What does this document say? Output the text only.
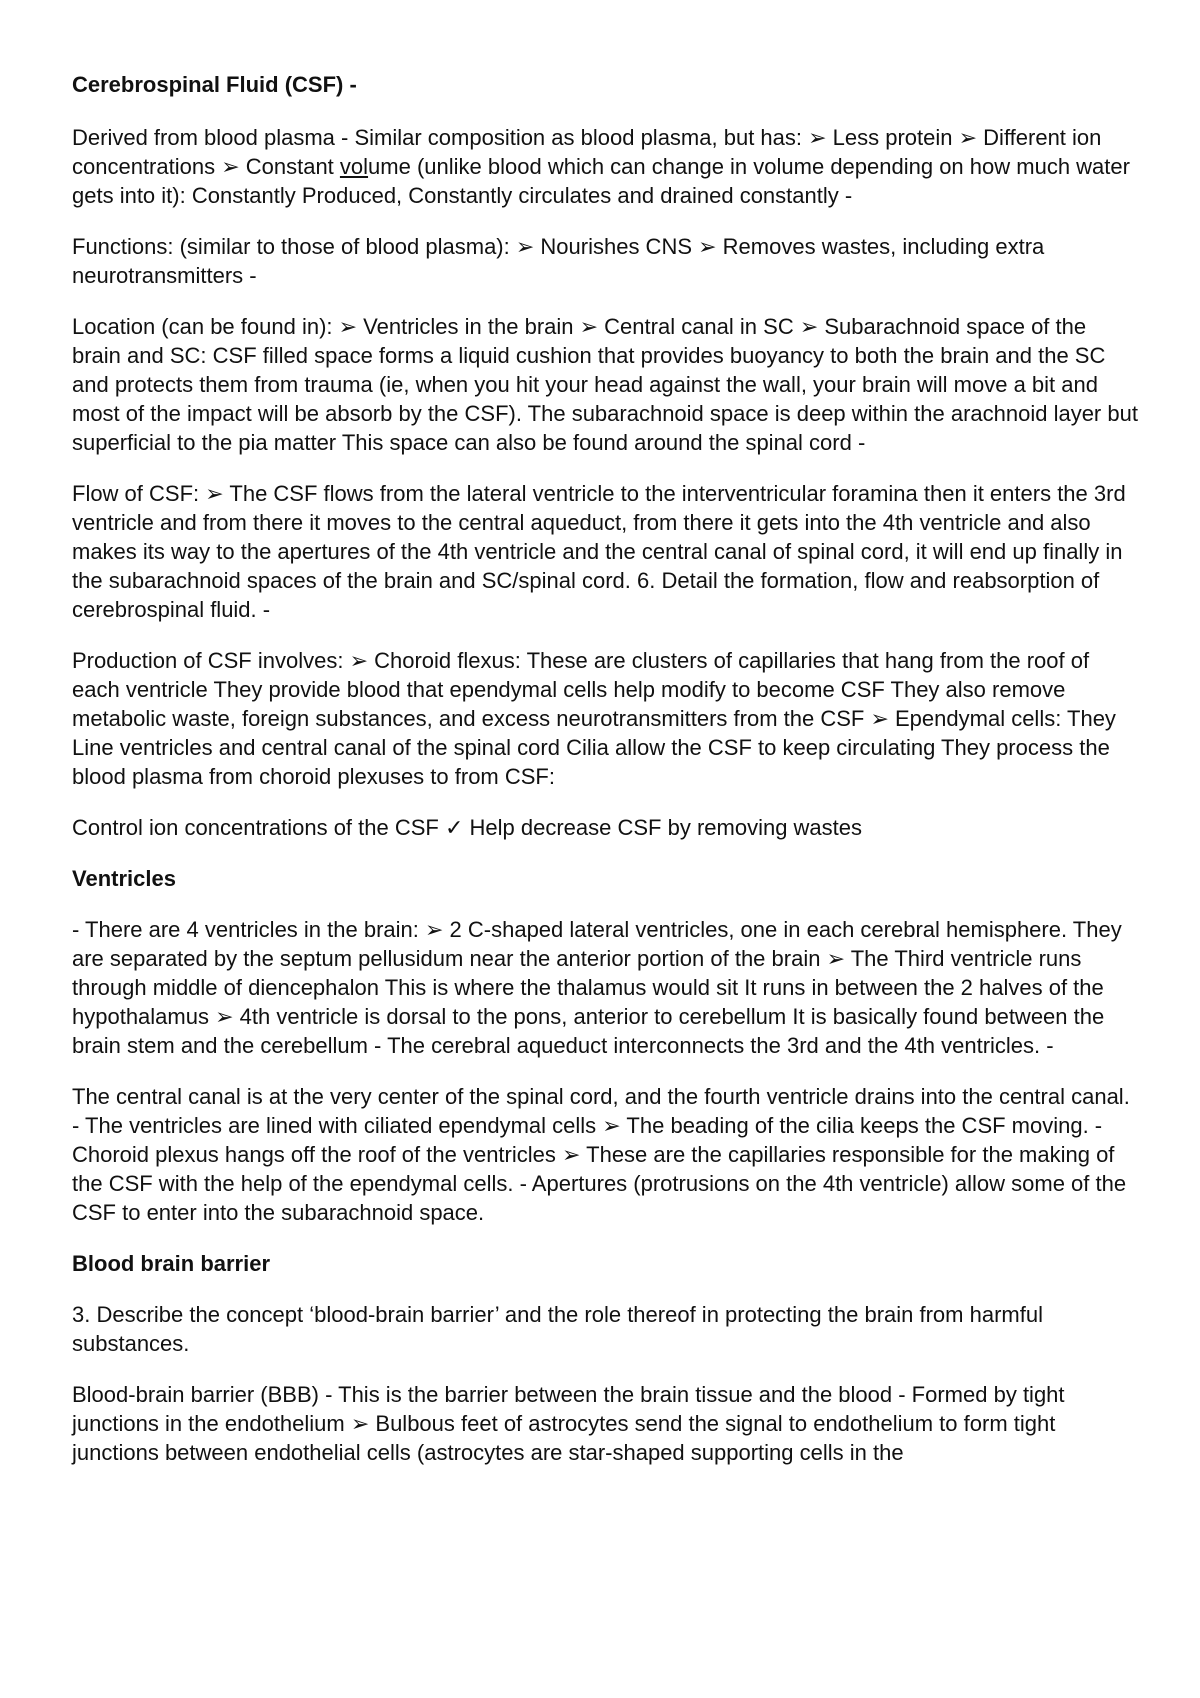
Cerebrospinal Fluid (CSF) -

Derived from blood plasma - Similar composition as blood plasma, but has: ➢ Less protein ➢ Different ion concentrations ➢ Constant volume (unlike blood which can change in volume depending on how much water gets into it): Constantly Produced, Constantly circulates and drained constantly -

Functions: (similar to those of blood plasma): ➢ Nourishes CNS ➢ Removes wastes, including extra neurotransmitters -

Location (can be found in): ➢ Ventricles in the brain ➢ Central canal in SC ➢ Subarachnoid space of the brain and SC: CSF filled space forms a liquid cushion that provides buoyancy to both the brain and the SC and protects them from trauma (ie, when you hit your head against the wall, your brain will move a bit and most of the impact will be absorb by the CSF). The subarachnoid space is deep within the arachnoid layer but superficial to the pia matter This space can also be found around the spinal cord -

Flow of CSF: ➢ The CSF flows from the lateral ventricle to the interventricular foramina then it enters the 3rd ventricle and from there it moves to the central aqueduct, from there it gets into the 4th ventricle and also makes its way to the apertures of the 4th ventricle and the central canal of spinal cord, it will end up finally in the subarachnoid spaces of the brain and SC/spinal cord. 6. Detail the formation, flow and reabsorption of cerebrospinal fluid. -

Production of CSF involves: ➢ Choroid flexus: These are clusters of capillaries that hang from the roof of each ventricle They provide blood that ependymal cells help modify to become CSF They also remove metabolic waste, foreign substances, and excess neurotransmitters from the CSF ➢ Ependymal cells: They Line ventricles and central canal of the spinal cord Cilia allow the CSF to keep circulating They process the blood plasma from choroid plexuses to from CSF:

Control ion concentrations of the CSF ✓ Help decrease CSF by removing wastes

Ventricles

- There are 4 ventricles in the brain: ➢ 2 C-shaped lateral ventricles, one in each cerebral hemisphere. They are separated by the septum pellusidum near the anterior portion of the brain ➢ The Third ventricle runs through middle of diencephalon This is where the thalamus would sit It runs in between the 2 halves of the hypothalamus ➢ 4th ventricle is dorsal to the pons, anterior to cerebellum It is basically found between the brain stem and the cerebellum - The cerebral aqueduct interconnects the 3rd and the 4th ventricles. -

The central canal is at the very center of the spinal cord, and the fourth ventricle drains into the central canal. - The ventricles are lined with ciliated ependymal cells ➢ The beading of the cilia keeps the CSF moving. - Choroid plexus hangs off the roof of the ventricles ➢ These are the capillaries responsible for the making of the CSF with the help of the ependymal cells. - Apertures (protrusions on the 4th ventricle) allow some of the CSF to enter into the subarachnoid space.

Blood brain barrier

3. Describe the concept ‘blood-brain barrier’ and the role thereof in protecting the brain from harmful substances.

Blood-brain barrier (BBB) - This is the barrier between the brain tissue and the blood - Formed by tight junctions in the endothelium ➢ Bulbous feet of astrocytes send the signal to endothelium to form tight junctions between endothelial cells (astrocytes are star-shaped supporting cells in the
